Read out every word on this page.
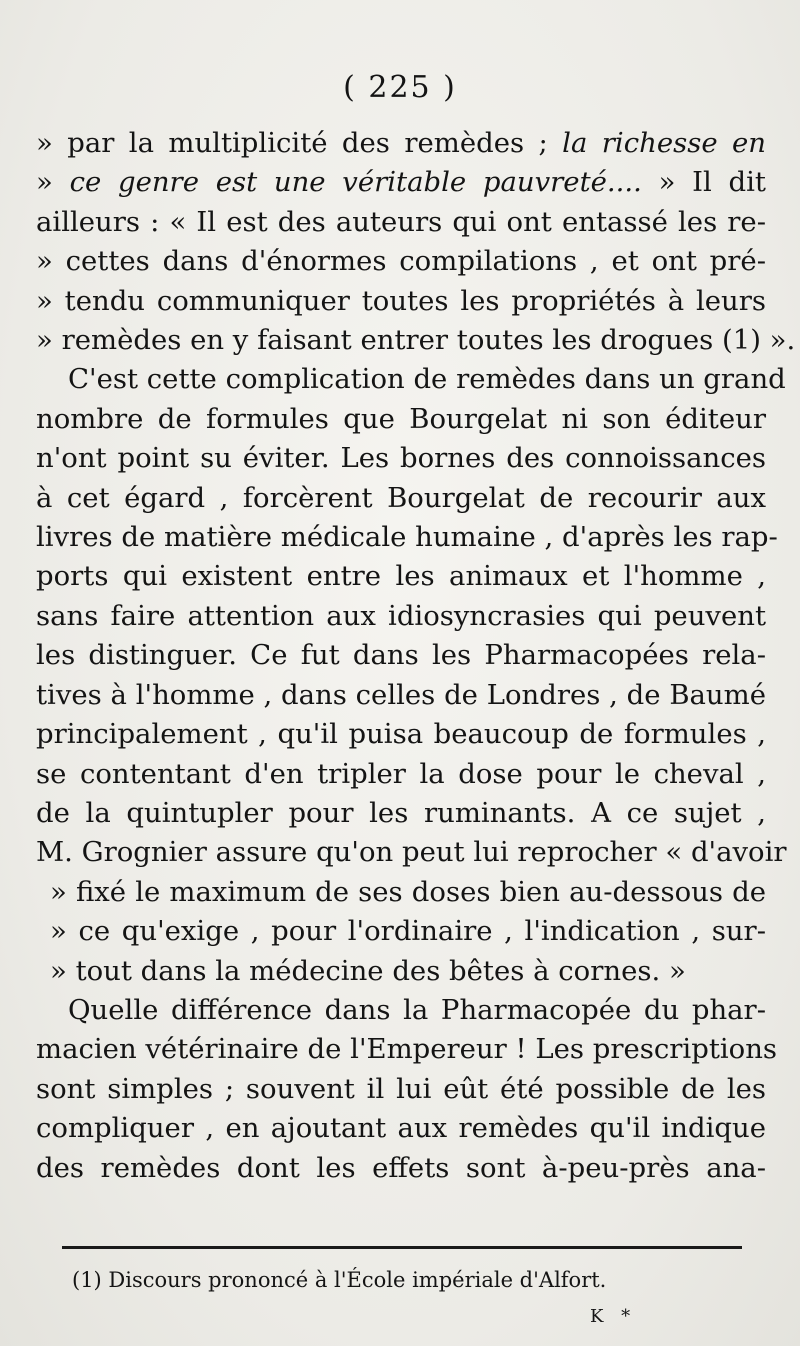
( 225 )
» par la multiplicité des remèdes ; la richesse en
» ce genre est une véritable pauvreté.... » Il dit
ailleurs : « Il est des auteurs qui ont entassé les re-
» cettes dans d'énormes compilations , et ont pré-
» tendu communiquer toutes les propriétés à leurs
» remèdes en y faisant entrer toutes les drogues (1) ».
C'est cette complication de remèdes dans un grand
nombre de formules que Bourgelat ni son éditeur
n'ont point su éviter. Les bornes des connoissances
à cet égard , forcèrent Bourgelat de recourir aux
livres de matière médicale humaine , d'après les rap-
ports qui existent entre les animaux et l'homme ,
sans faire attention aux idiosyncrasies qui peuvent
les distinguer. Ce fut dans les Pharmacopées rela-
tives à l'homme , dans celles de Londres , de Baumé
principalement , qu'il puisa beaucoup de formules ,
se contentant d'en tripler la dose pour le cheval ,
de la quintupler pour les ruminants. A ce sujet ,
M. Grognier assure qu'on peut lui reprocher « d'avoir
» fixé le maximum de ses doses bien au-dessous de
» ce qu'exige , pour l'ordinaire , l'indication , sur-
» tout dans la médecine des bêtes à cornes. »
Quelle différence dans la Pharmacopée du phar-
macien vétérinaire de l'Empereur ! Les prescriptions
sont simples ; souvent il lui eût été possible de les
compliquer , en ajoutant aux remèdes qu'il indique
des remèdes dont les effets sont à-peu-près ana-
(1) Discours prononcé à l'École impériale d'Alfort.
K *
